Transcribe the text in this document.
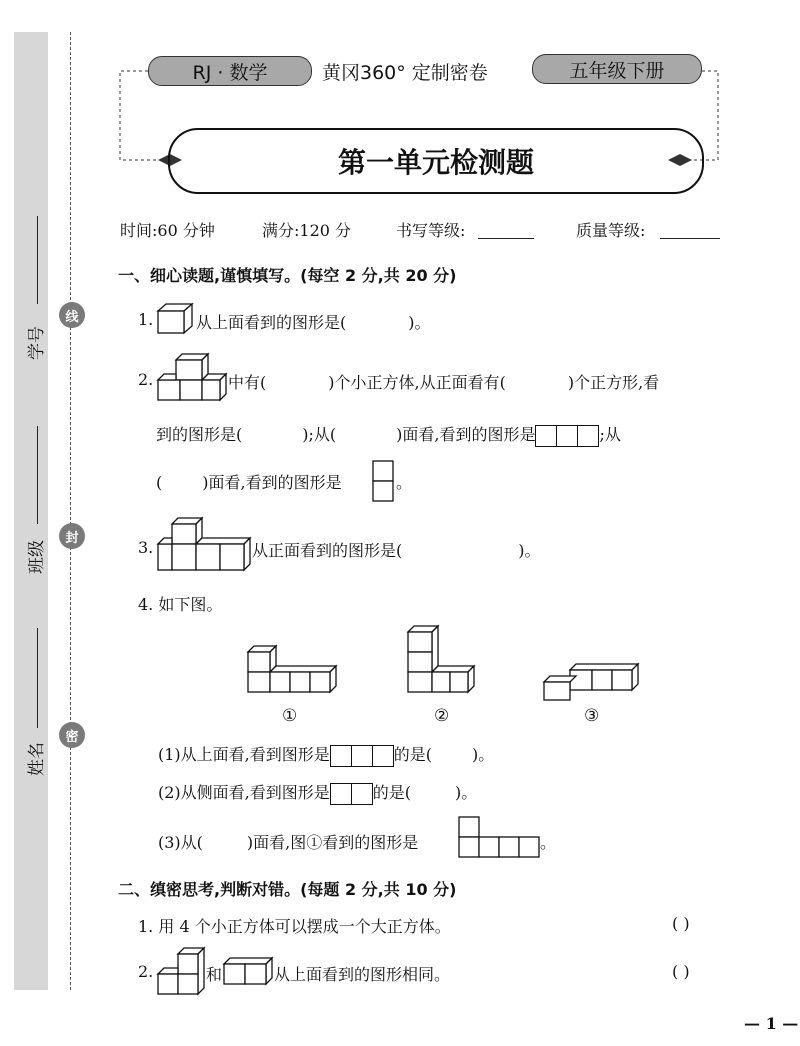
学号
班级
姓名
线
封
密
RJ · 数学	黄冈360° 定制密卷	五年级下册
第一单元检测题
时间:60 分钟	满分:120 分	书写等级:	质量等级:
一、细心读题,谨慎填写。(每空 2 分,共 20 分)
1.	从上面看到的图形是(	)。
2.	中有(	)个小正方体,从正面看有(	)个正方形,看
到的图形是(	);从(	)面看,看到的图形是	;从
(	)面看,看到的图形是	。
3.	从正面看到的图形是(	)。
4. 如下图。
①	②	③
(1)从上面看,看到图形是	的是(	)。
(2)从侧面看,看到图形是	的是(	)。
(3)从(	)面看,图①看到的图形是	。
二、缜密思考,判断对错。(每题 2 分,共 10 分)
1. 用 4 个小正方体可以摆成一个大正方体。	( )
2.	和	从上面看到的图形相同。	( )
— 1 —
